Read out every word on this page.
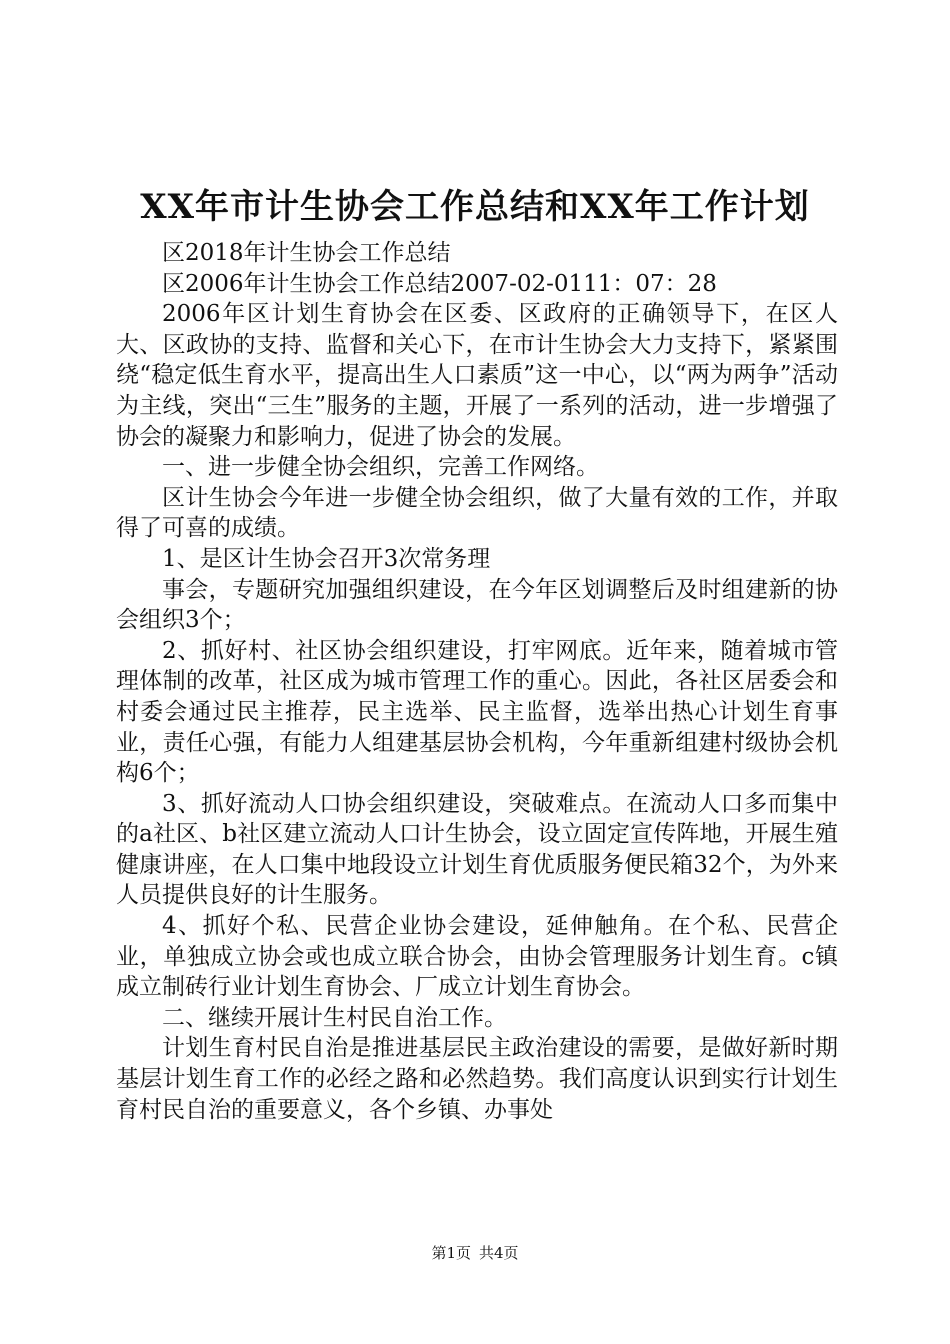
XX年市计生协会工作总结和XX年工作计划

区2018年计生协会工作总结

区2006年计生协会工作总结2007-02-0111：07：28

2006年区计划生育协会在区委、区政府的正确领导下，在区人大、区政协的支持、监督和关心下，在市计生协会大力支持下，紧紧围绕“稳定低生育水平，提高出生人口素质”这一中心，以“两为两争”活动为主线，突出“三生”服务的主题，开展了一系列的活动，进一步增强了协会的凝聚力和影响力，促进了协会的发展。

一、进一步健全协会组织，完善工作网络。

区计生协会今年进一步健全协会组织，做了大量有效的工作，并取得了可喜的成绩。

1、是区计生协会召开3次常务理

事会，专题研究加强组织建设，在今年区划调整后及时组建新的协会组织3个；

2、抓好村、社区协会组织建设，打牢网底。近年来，随着城市管理体制的改革，社区成为城市管理工作的重心。因此，各社区居委会和村委会通过民主推荐，民主选举、民主监督，选举出热心计划生育事业，责任心强，有能力人组建基层协会机构，今年重新组建村级协会机构6个；

3、抓好流动人口协会组织建设，突破难点。在流动人口多而集中的a社区、b社区建立流动人口计生协会，设立固定宣传阵地，开展生殖健康讲座，在人口集中地段设立计划生育优质服务便民箱32个，为外来人员提供良好的计生服务。

4、抓好个私、民营企业协会建设，延伸触角。在个私、民营企业，单独成立协会或也成立联合协会，由协会管理服务计划生育。c镇成立制砖行业计划生育协会、厂成立计划生育协会。

二、继续开展计生村民自治工作。

计划生育村民自治是推进基层民主政治建设的需要，是做好新时期基层计划生育工作的必经之路和必然趋势。我们高度认识到实行计划生育村民自治的重要意义，各个乡镇、办事处

第1页 共4页
